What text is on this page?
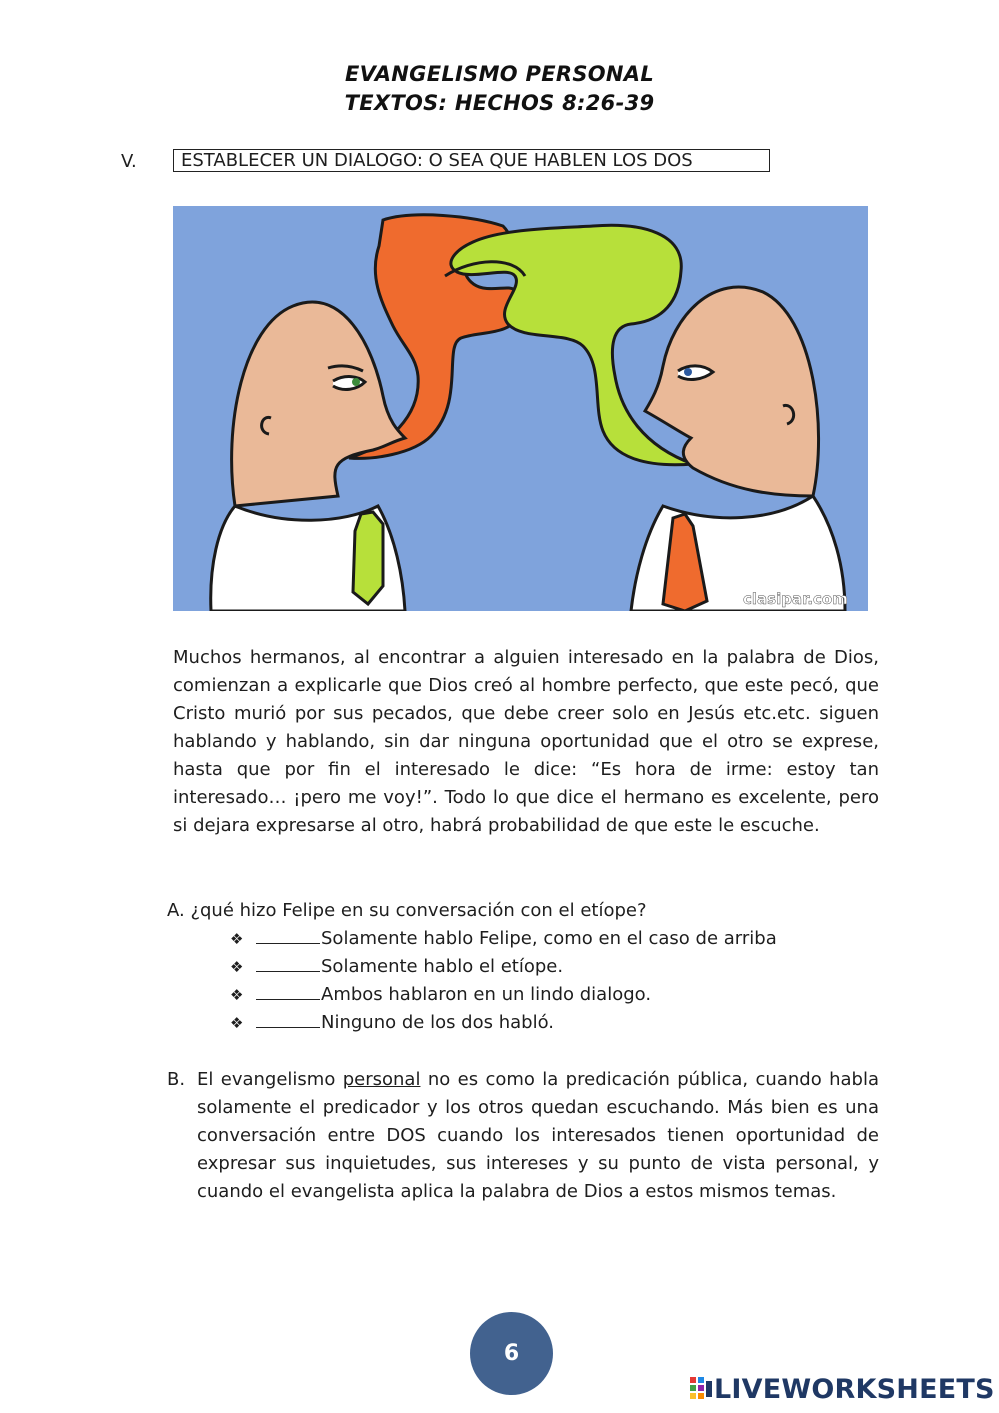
EVANGELISMO PERSONAL
TEXTOS: HECHOS 8:26-39
V.	ESTABLECER UN DIALOGO: O SEA QUE HABLEN LOS DOS
clasipar.com
Muchos hermanos, al encontrar a alguien interesado en la palabra de Dios, comienzan a explicarle que Dios creó al hombre perfecto, que este pecó, que Cristo murió por sus pecados, que debe creer solo en Jesús etc.etc. siguen hablando y hablando, sin dar ninguna oportunidad que el otro se exprese, hasta que por fin el interesado le dice: “Es hora de irme: estoy tan interesado… ¡pero me voy!”. Todo lo que dice el hermano es excelente, pero si dejara expresarse al otro, habrá probabilidad de que este le escuche.
A. ¿qué hizo Felipe en su conversación con el etíope?
❖	Solamente hablo Felipe, como en el caso de arriba
❖	Solamente hablo el etíope.
❖	Ambos hablaron en un lindo dialogo.
❖	Ninguno de los dos habló.
B. El evangelismo personal no es como la predicación pública, cuando habla solamente el predicador y los otros quedan escuchando. Más bien es una conversación entre DOS cuando los interesados tienen oportunidad de expresar sus inquietudes, sus intereses y su punto de vista personal, y cuando el evangelista aplica la palabra de Dios a estos mismos temas.
6
LIVEWORKSHEETS
